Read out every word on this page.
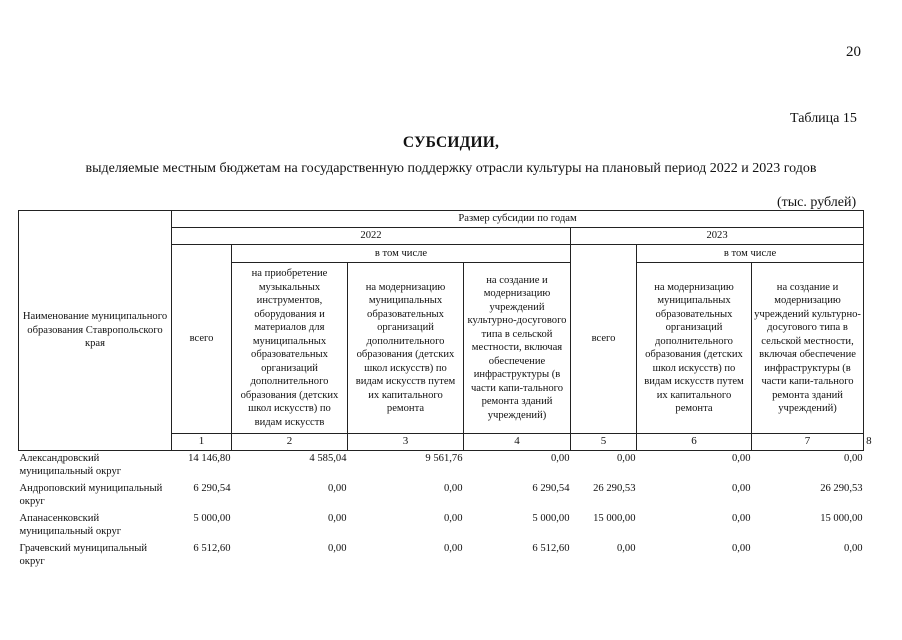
20
Таблица 15
СУБСИДИИ,
выделяемые местным бюджетам на государственную поддержку отрасли культуры на плановый период 2022 и 2023 годов
(тыс. рублей)
Наименование муниципального образования Ставропольского края	Размер субсидии по годам							
	2022				2023			
	всего	в том числе			всего	в том числе		
		на приобретение музыкальных инструментов, оборудования и материалов для муниципальных образовательных организаций дополнительного образования (детских школ искусств) по видам искусств	на модернизацию муниципальных образовательных организаций дополнительного образования (детских школ искусств) по видам искусств путем их капитального ремонта	на создание и модернизацию учреждений культурно-досугового типа в сельской местности, включая обеспечение инфраструктуры (в части капи-тального ремонта зданий учреждений)		на модернизацию муниципальных образовательных организаций дополнительного образования (детских школ искусств) по видам искусств путем их капитального ремонта	на создание и модернизацию учреждений культурно-досугового типа в сельской местности, включая обеспечение инфраструктуры (в части капи-тального ремонта зданий учреждений)	
	1	2	3	4	5	6	7	8
Александровский муниципальный округ	14 146,80	4 585,04	9 561,76	0,00	0,00	0,00	0,00	
Андроповский муниципальный округ	6 290,54	0,00	0,00	6 290,54	26 290,53	0,00	26 290,53	
Апанасенковский муниципальный округ	5 000,00	0,00	0,00	5 000,00	15 000,00	0,00	15 000,00	
Грачевский муниципальный округ	6 512,60	0,00	0,00	6 512,60	0,00	0,00	0,00	
